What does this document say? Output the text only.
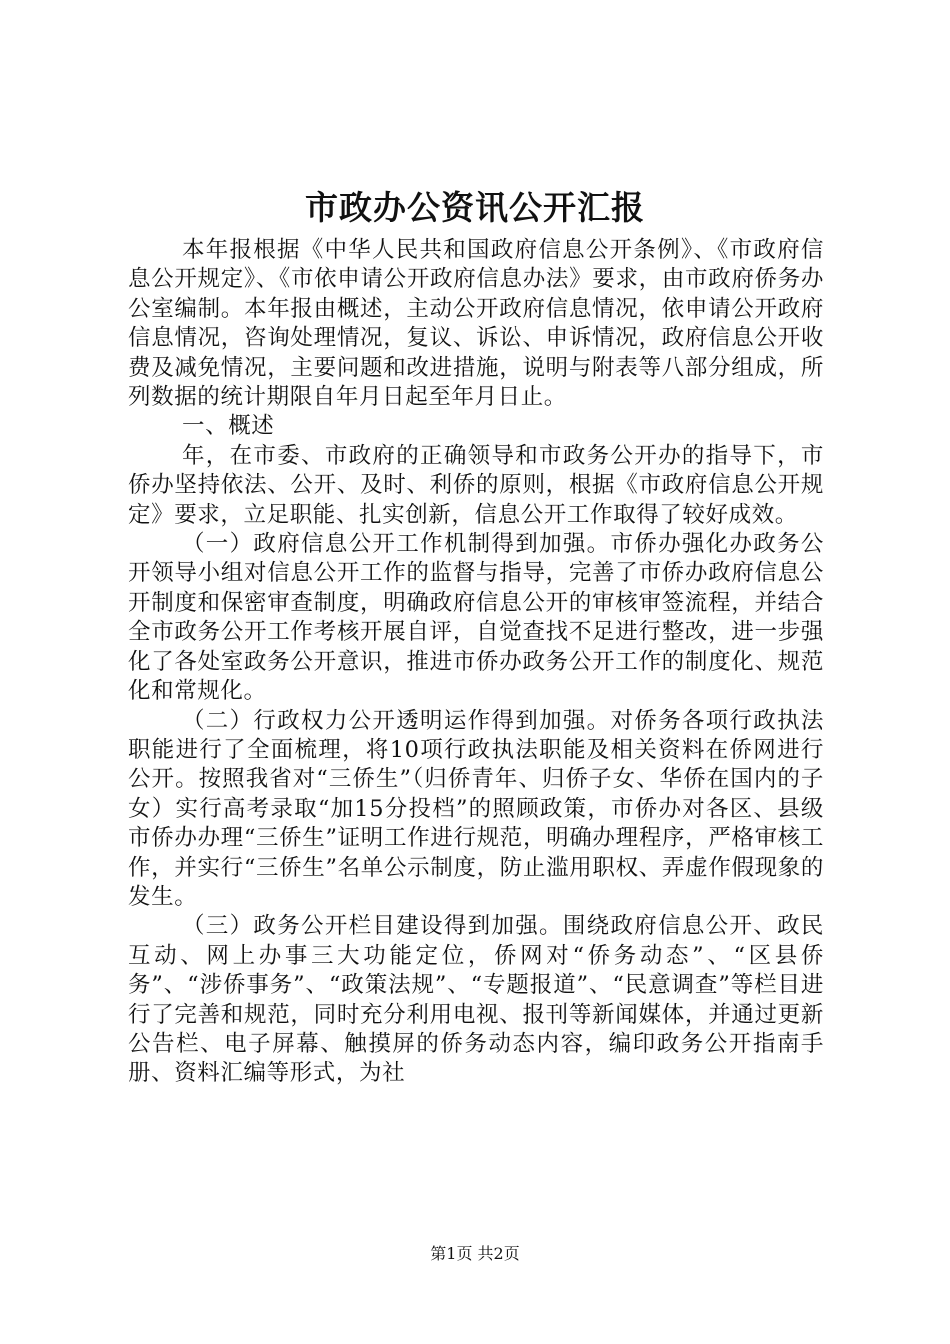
市政办公资讯公开汇报

本年报根据《中华人民共和国政府信息公开条例》、《市政府信息公开规定》、《市依申请公开政府信息办法》要求，由市政府侨务办公室编制。本年报由概述，主动公开政府信息情况，依申请公开政府信息情况，咨询处理情况，复议、诉讼、申诉情况，政府信息公开收费及减免情况，主要问题和改进措施，说明与附表等八部分组成，所列数据的统计期限自年月日起至年月日止。

一、概述

年，在市委、市政府的正确领导和市政务公开办的指导下，市侨办坚持依法、公开、及时、利侨的原则，根据《市政府信息公开规定》要求，立足职能、扎实创新，信息公开工作取得了较好成效。

（一）政府信息公开工作机制得到加强。市侨办强化办政务公开领导小组对信息公开工作的监督与指导，完善了市侨办政府信息公开制度和保密审查制度，明确政府信息公开的审核审签流程，并结合全市政务公开工作考核开展自评，自觉查找不足进行整改，进一步强化了各处室政务公开意识，推进市侨办政务公开工作的制度化、规范化和常规化。

（二）行政权力公开透明运作得到加强。对侨务各项行政执法职能进行了全面梳理，将10项行政执法职能及相关资料在侨网进行公开。按照我省对“三侨生”（归侨青年、归侨子女、华侨在国内的子女）实行高考录取“加15分投档”的照顾政策，市侨办对各区、县级市侨办办理“三侨生”证明工作进行规范，明确办理程序，严格审核工作，并实行“三侨生”名单公示制度，防止滥用职权、弄虚作假现象的发生。

（三）政务公开栏目建设得到加强。围绕政府信息公开、政民互动、网上办事三大功能定位，侨网对“侨务动态”、“区县侨务”、“涉侨事务”、“政策法规”、“专题报道”、“民意调查”等栏目进行了完善和规范，同时充分利用电视、报刊等新闻媒体，并通过更新公告栏、电子屏幕、触摸屏的侨务动态内容，编印政务公开指南手册、资料汇编等形式，为社

第1页 共2页
